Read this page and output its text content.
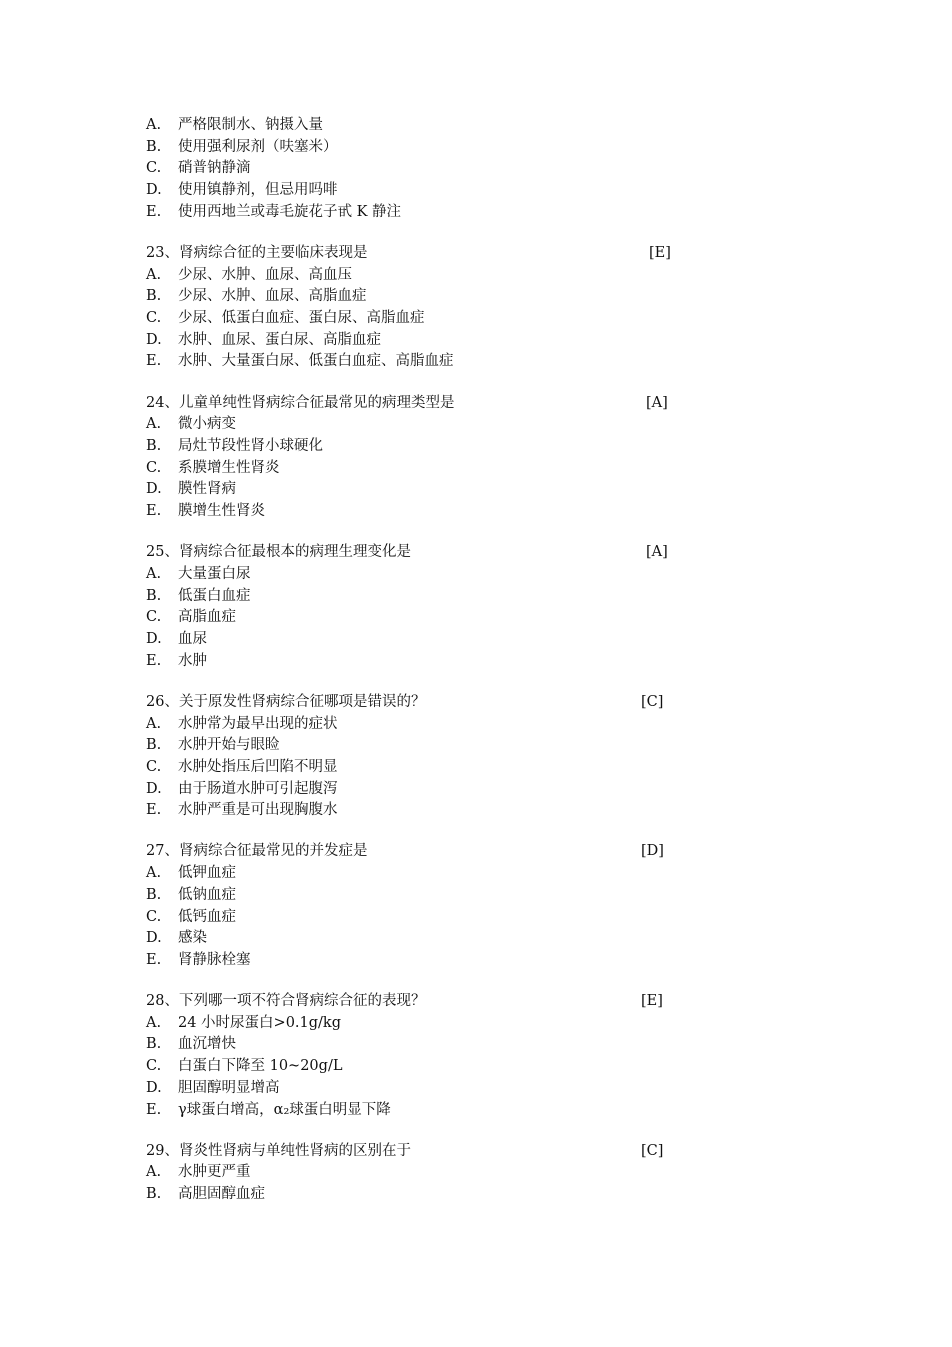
A. 严格限制水、钠摄入量
B. 使用强利尿剂（呋塞米）
C. 硝普钠静滴
D. 使用镇静剂，但忌用吗啡
E. 使用西地兰或毒毛旋花子甙 K 静注
23、肾病综合征的主要临床表现是	[E]
A. 少尿、水肿、血尿、高血压
B. 少尿、水肿、血尿、高脂血症
C. 少尿、低蛋白血症、蛋白尿、高脂血症
D. 水肿、血尿、蛋白尿、高脂血症
E. 水肿、大量蛋白尿、低蛋白血症、高脂血症
24、儿童单纯性肾病综合征最常见的病理类型是	[A]
A. 微小病变
B. 局灶节段性肾小球硬化
C. 系膜增生性肾炎
D. 膜性肾病
E. 膜增生性肾炎
25、肾病综合征最根本的病理生理变化是	[A]
A. 大量蛋白尿
B. 低蛋白血症
C. 高脂血症
D. 血尿
E. 水肿
26、关于原发性肾病综合征哪项是错误的？	[C]
A. 水肿常为最早出现的症状
B. 水肿开始与眼睑
C. 水肿处指压后凹陷不明显
D. 由于肠道水肿可引起腹泻
E. 水肿严重是可出现胸腹水
27、肾病综合征最常见的并发症是	[D]
A. 低钾血症
B. 低钠血症
C. 低钙血症
D. 感染
E. 肾静脉栓塞
28、下列哪一项不符合肾病综合征的表现？	[E]
A. 24 小时尿蛋白>0.1g/kg
B. 血沉增快
C. 白蛋白下降至 10~20g/L
D. 胆固醇明显增高
E. γ球蛋白增高，α₂球蛋白明显下降
29、肾炎性肾病与单纯性肾病的区别在于	[C]
A. 水肿更严重
B. 高胆固醇血症
